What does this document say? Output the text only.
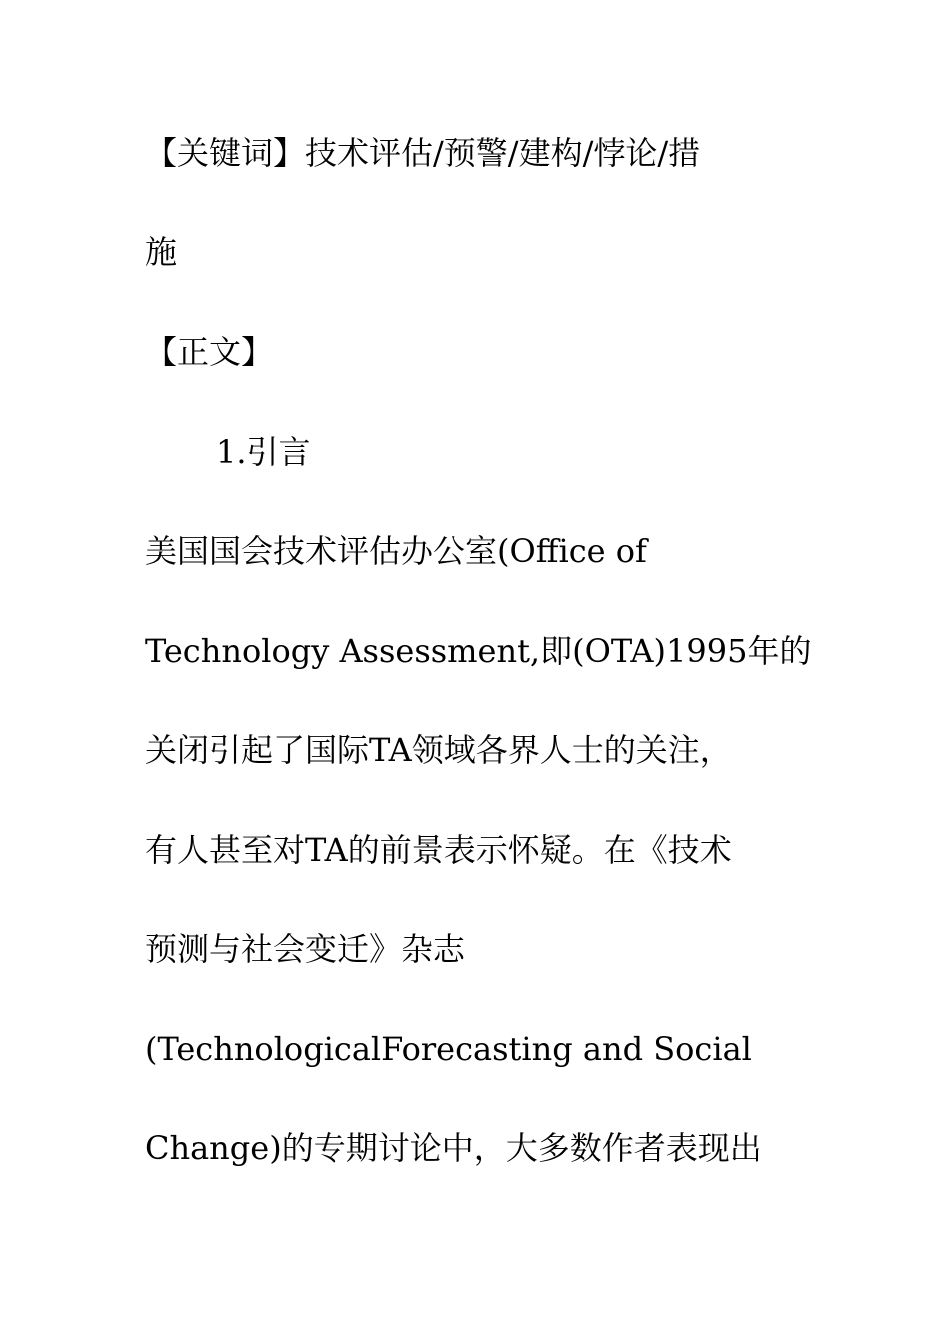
【关键词】技术评估/预警/建构/悖论/措
施
【正文】
1.引言
美国国会技术评估办公室(Office of
Technology Assessment,即(OTA)1995年的
关闭引起了国际TA领域各界人士的关注，
有人甚至对TA的前景表示怀疑。在《技术
预测与社会变迁》杂志
(TechnologicalForecasting and Social
Change)的专期讨论中，大多数作者表现出
